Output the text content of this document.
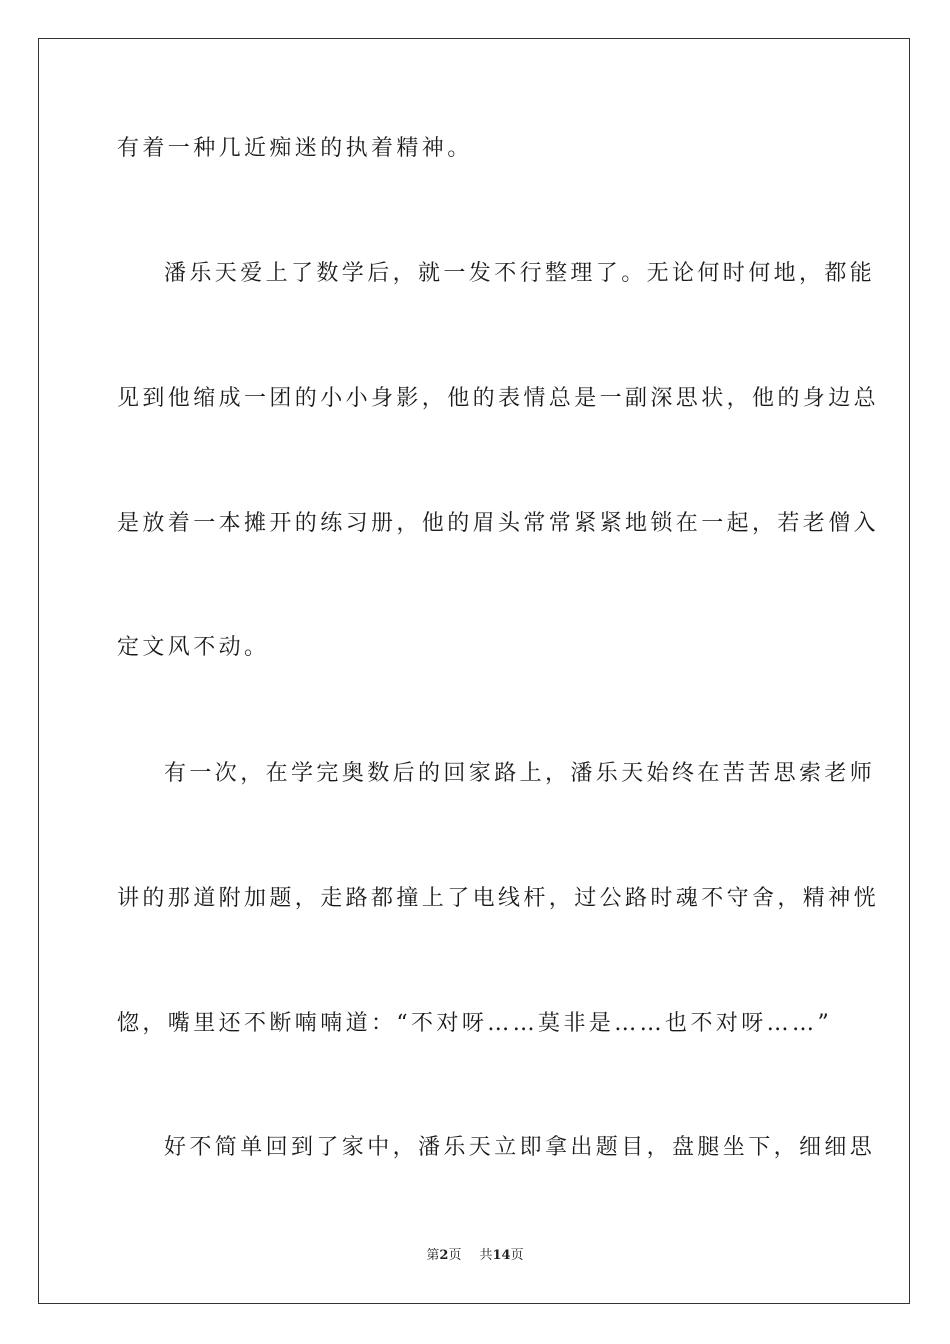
有着一种几近痴迷的执着精神。

潘乐天爱上了数学后，就一发不行整理了。无论何时何地，都能

见到他缩成一团的小小身影，他的表情总是一副深思状，他的身边总

是放着一本摊开的练习册，他的眉头常常紧紧地锁在一起，若老僧入

定文风不动。

有一次，在学完奥数后的回家路上，潘乐天始终在苦苦思索老师

讲的那道附加题，走路都撞上了电线杆，过公路时魂不守舍，精神恍

惚，嘴里还不断喃喃道：“不对呀……莫非是……也不对呀……”

好不简单回到了家中，潘乐天立即拿出题目，盘腿坐下，细细思

第2页 共14页
